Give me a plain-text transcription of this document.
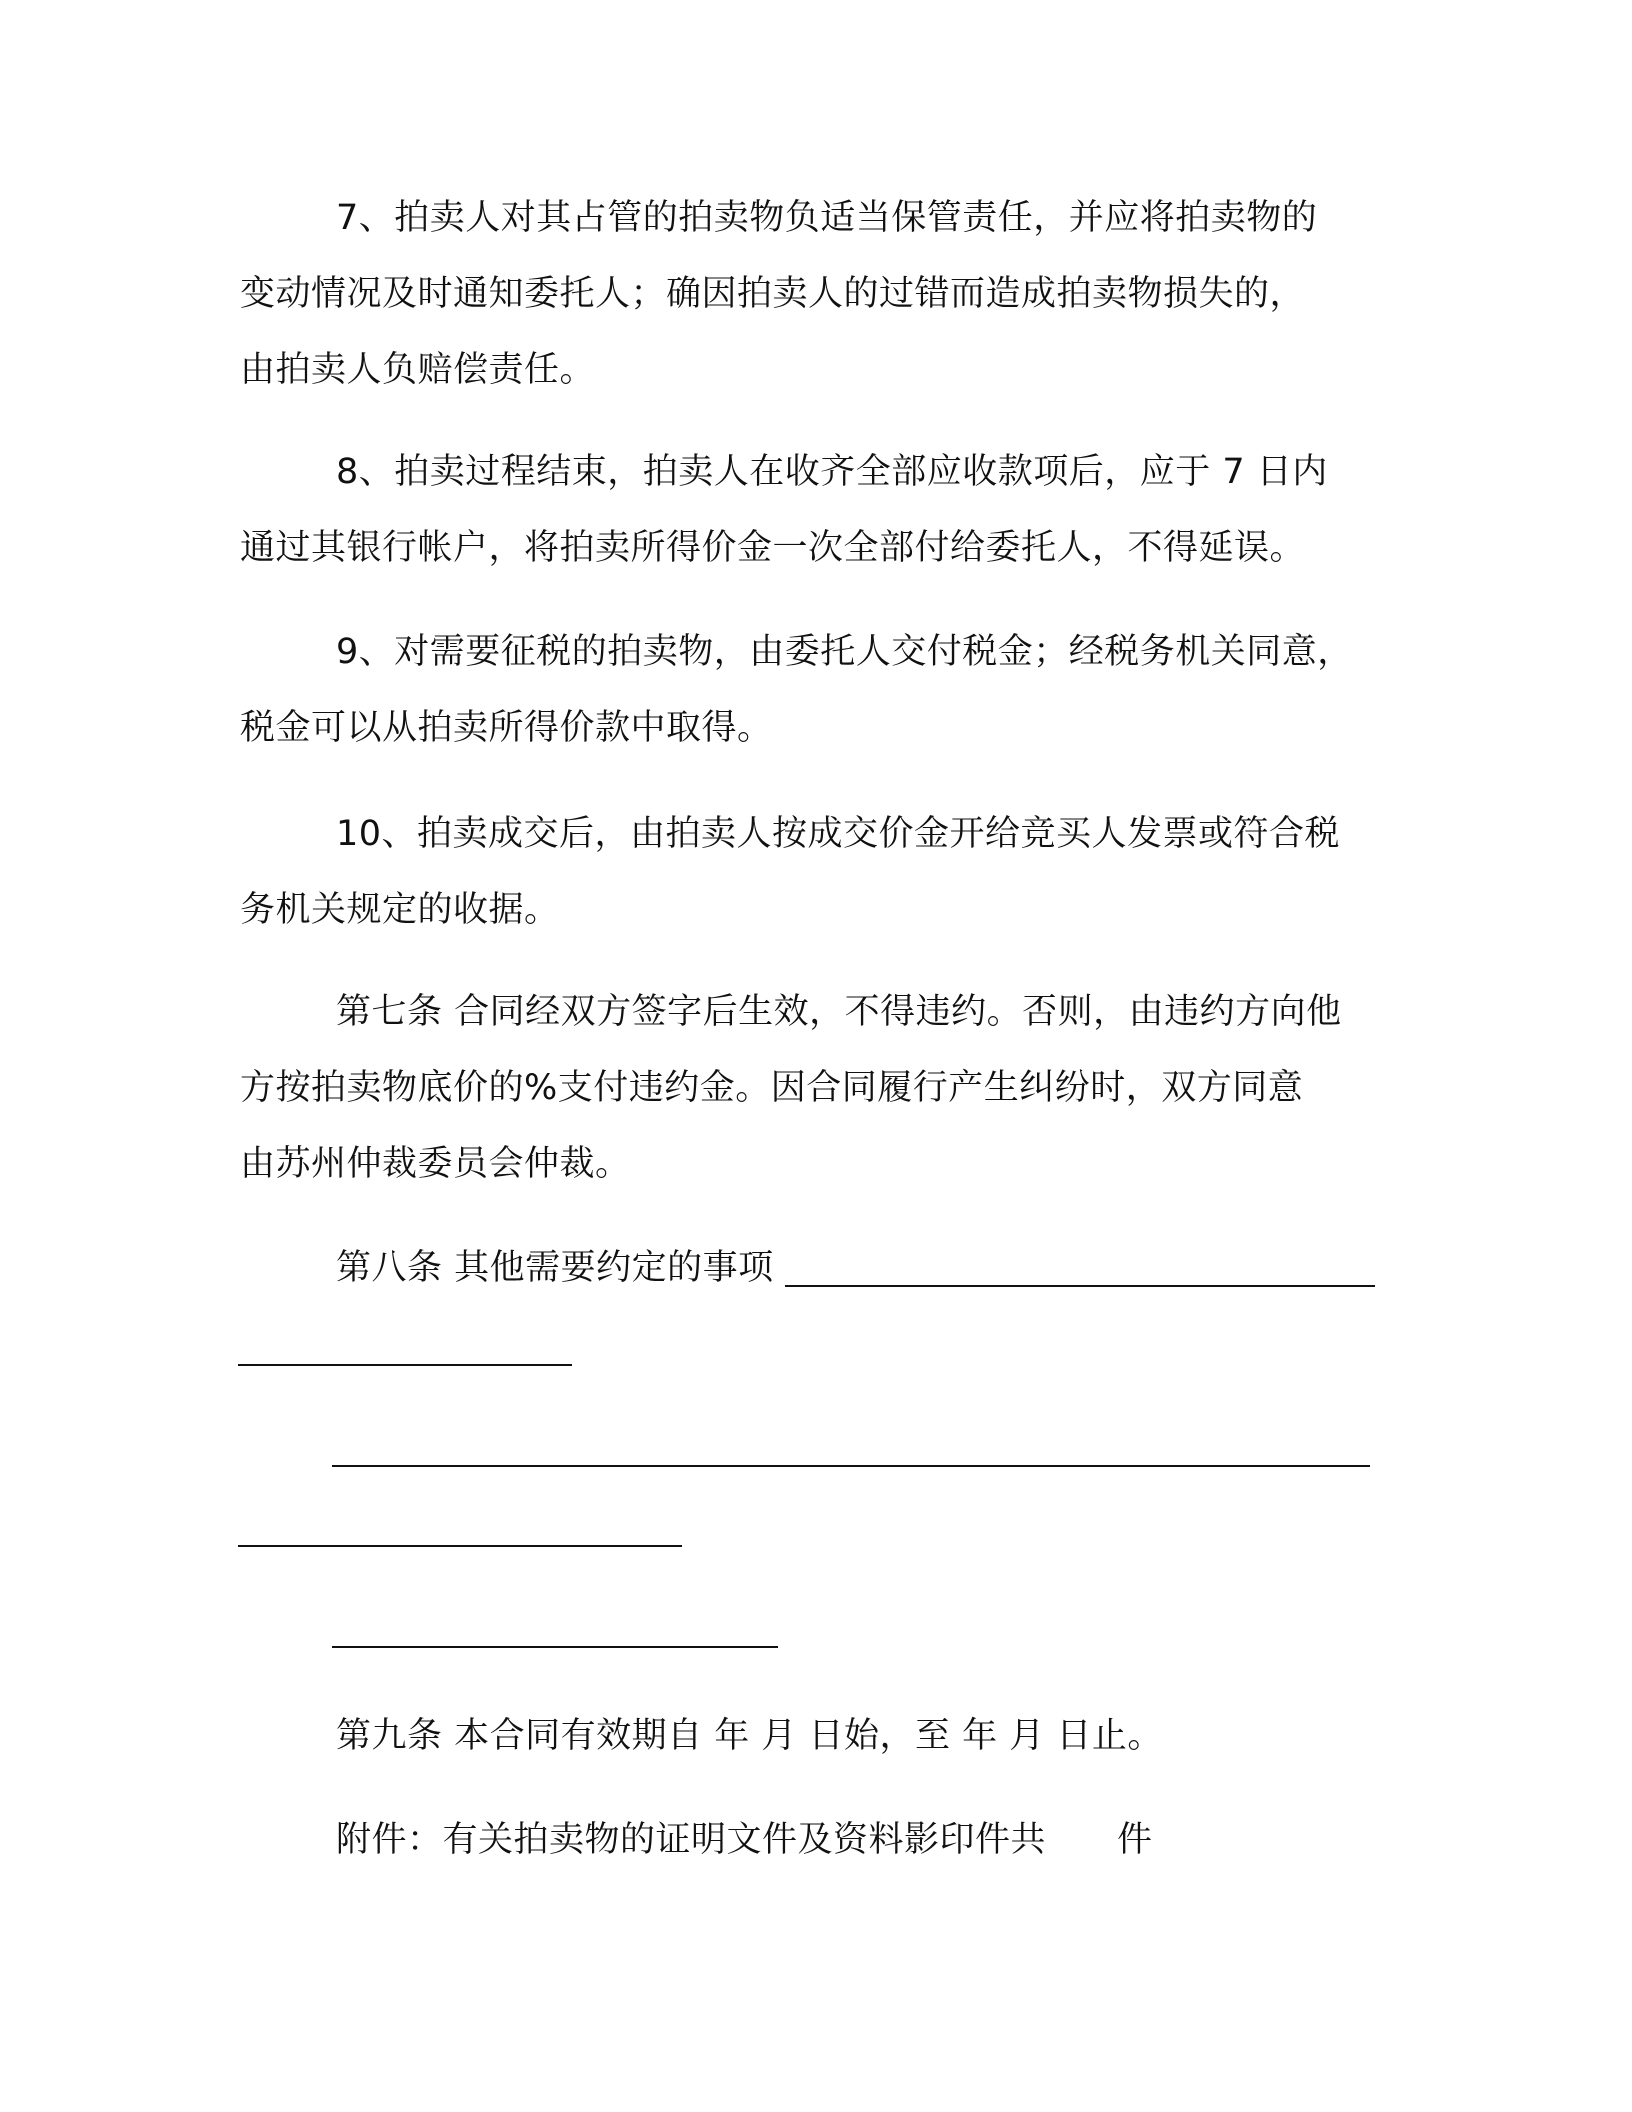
7、拍卖人对其占管的拍卖物负适当保管责任，并应将拍卖物的
变动情况及时通知委托人；确因拍卖人的过错而造成拍卖物损失的，
由拍卖人负赔偿责任。
8、拍卖过程结束，拍卖人在收齐全部应收款项后，应于 7 日内
通过其银行帐户，将拍卖所得价金一次全部付给委托人，不得延误。
9、对需要征税的拍卖物，由委托人交付税金；经税务机关同意，
税金可以从拍卖所得价款中取得。
10、拍卖成交后，由拍卖人按成交价金开给竞买人发票或符合税
务机关规定的收据。
第七条 合同经双方签字后生效，不得违约。否则，由违约方向他
方按拍卖物底价的%支付违约金。因合同履行产生纠纷时，双方同意
由苏州仲裁委员会仲裁。
第八条 其他需要约定的事项
第九条 本合同有效期自 年 月 日始，至 年 月 日止。
附件：有关拍卖物的证明文件及资料影印件共　　件
